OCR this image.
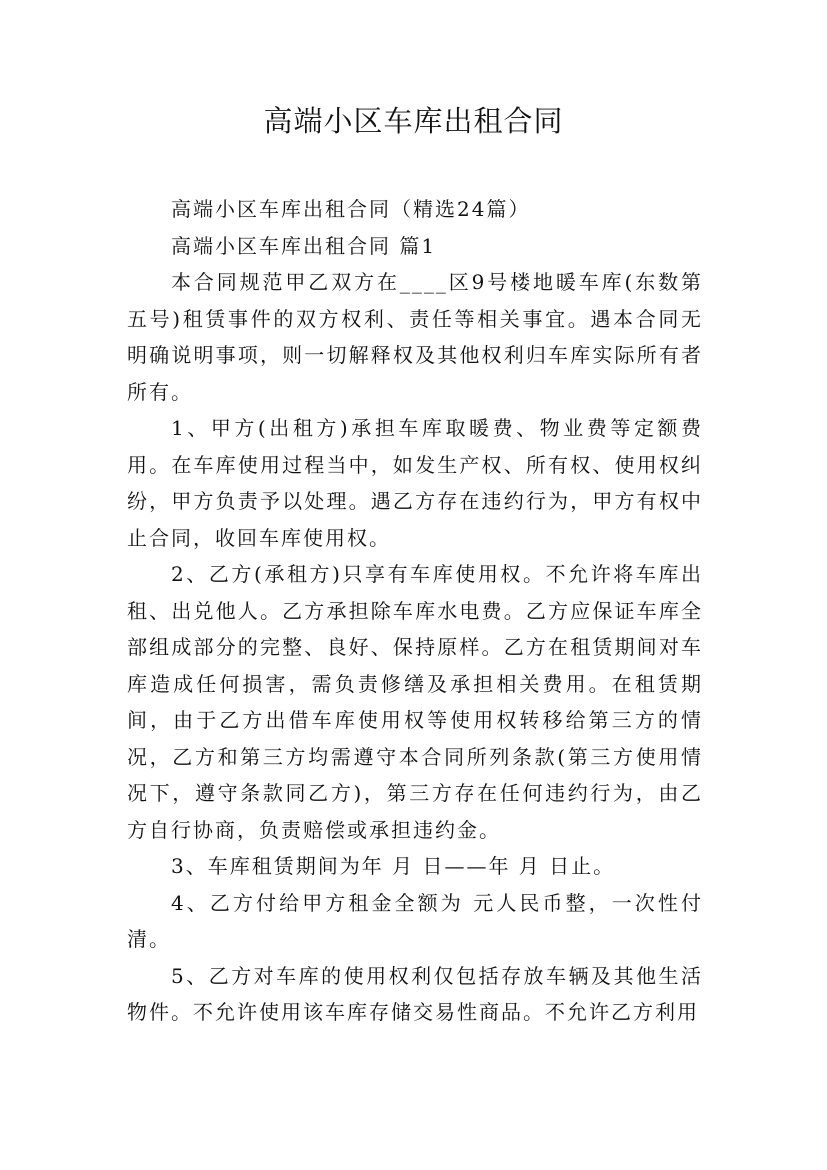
高端小区车库出租合同

高端小区车库出租合同（精选24篇）

高端小区车库出租合同 篇1

本合同规范甲乙双方在____区9号楼地暖车库(东数第五号)租赁事件的双方权利、责任等相关事宜。遇本合同无明确说明事项，则一切解释权及其他权利归车库实际所有者所有。

1、甲方(出租方)承担车库取暖费、物业费等定额费用。在车库使用过程当中，如发生产权、所有权、使用权纠纷，甲方负责予以处理。遇乙方存在违约行为，甲方有权中止合同，收回车库使用权。

2、乙方(承租方)只享有车库使用权。不允许将车库出租、出兑他人。乙方承担除车库水电费。乙方应保证车库全部组成部分的完整、良好、保持原样。乙方在租赁期间对车库造成任何损害，需负责修缮及承担相关费用。在租赁期间，由于乙方出借车库使用权等使用权转移给第三方的情况，乙方和第三方均需遵守本合同所列条款(第三方使用情况下，遵守条款同乙方)，第三方存在任何违约行为，由乙方自行协商，负责赔偿或承担违约金。

3、车库租赁期间为年 月 日——年 月 日止。

4、乙方付给甲方租金全额为 元人民币整，一次性付清。

5、乙方对车库的使用权利仅包括存放车辆及其他生活物件。不允许使用该车库存储交易性商品。不允许乙方利用
